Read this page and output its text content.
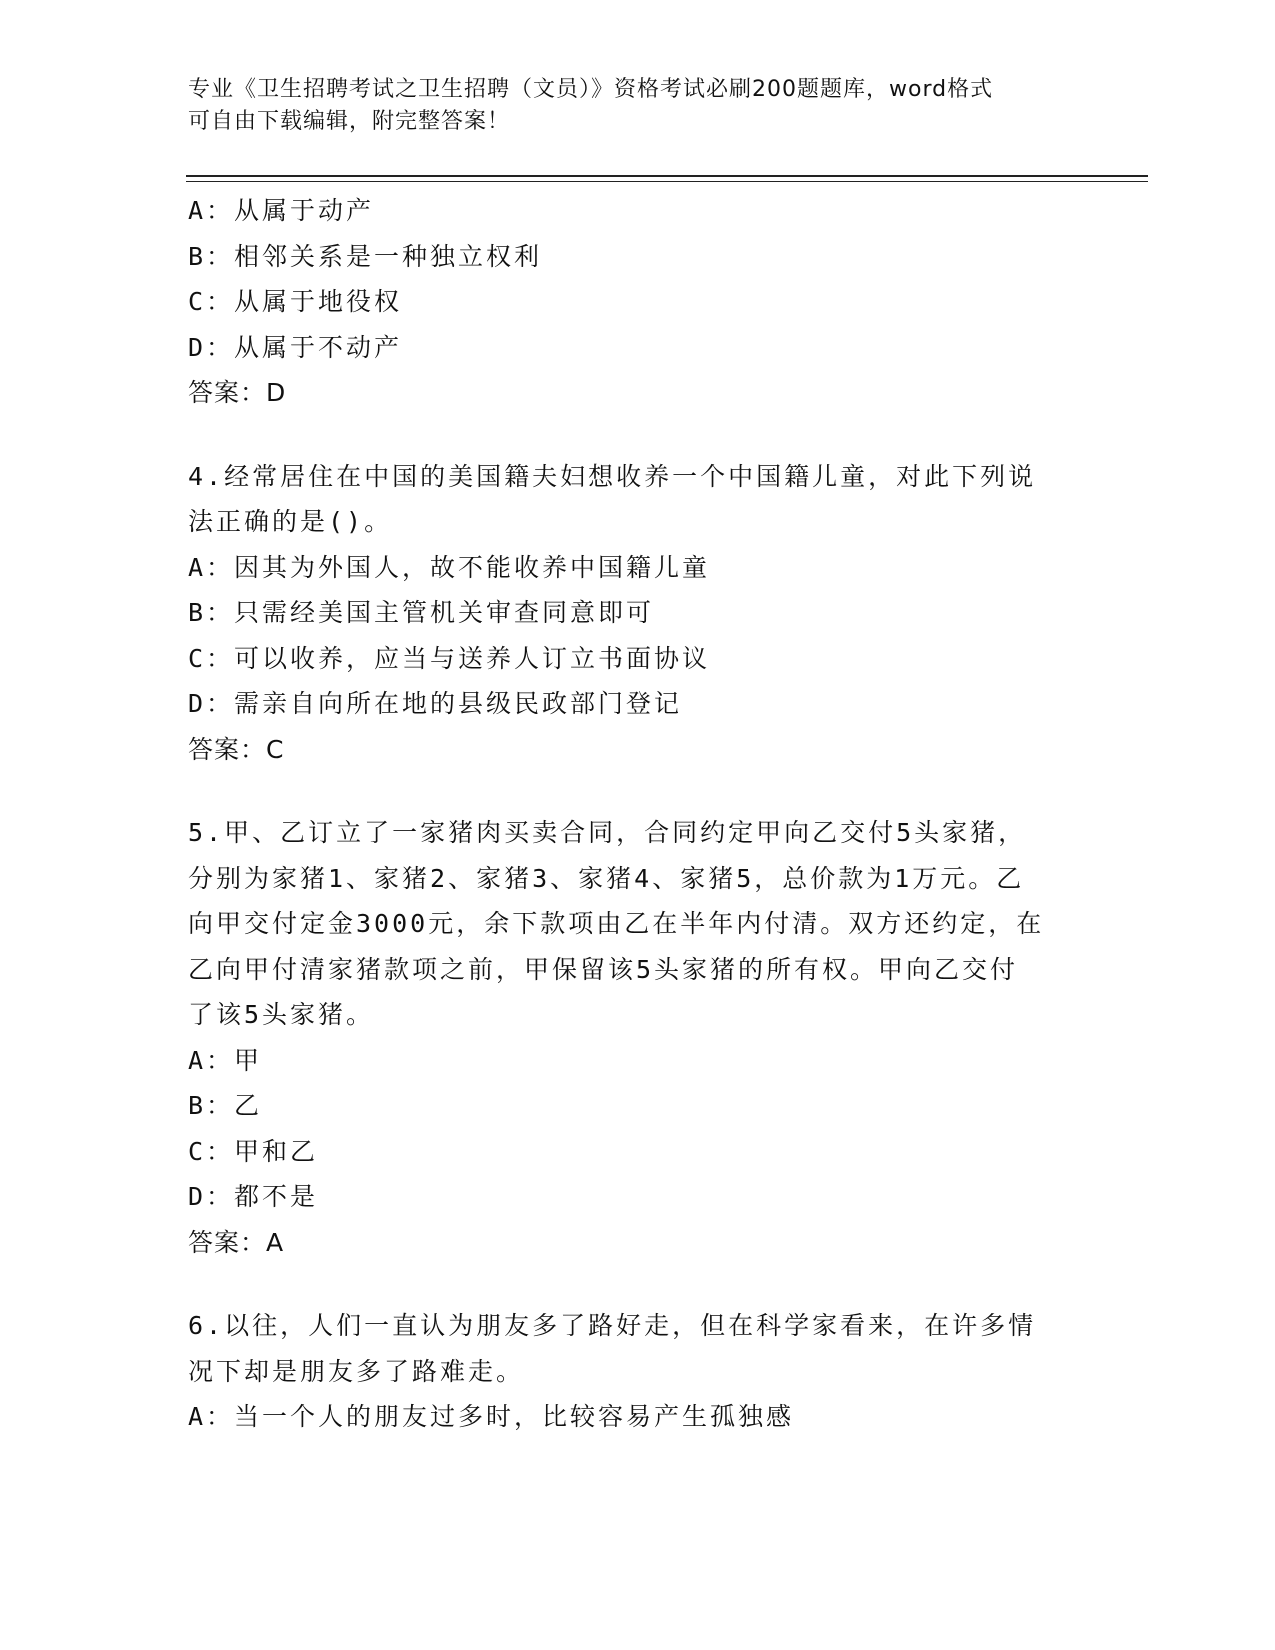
专业《卫生招聘考试之卫生招聘（文员）》资格考试必刷200题题库，word格式
可自由下载编辑，附完整答案！
A：从属于动产
B：相邻关系是一种独立权利
C：从属于地役权
D：从属于不动产
答案：D
4.经常居住在中国的美国籍夫妇想收养一个中国籍儿童，对此下列说
法正确的是()。
A：因其为外国人，故不能收养中国籍儿童
B：只需经美国主管机关审查同意即可
C：可以收养，应当与送养人订立书面协议
D：需亲自向所在地的县级民政部门登记
答案：C
5.甲、乙订立了一家猪肉买卖合同，合同约定甲向乙交付5头家猪，
分别为家猪1、家猪2、家猪3、家猪4、家猪5，总价款为1万元。乙
向甲交付定金3000元，余下款项由乙在半年内付清。双方还约定，在
乙向甲付清家猪款项之前，甲保留该5头家猪的所有权。甲向乙交付
了该5头家猪。
A：甲
B：乙
C：甲和乙
D：都不是
答案：A
6.以往，人们一直认为朋友多了路好走，但在科学家看来，在许多情
况下却是朋友多了路难走。
A：当一个人的朋友过多时，比较容易产生孤独感
